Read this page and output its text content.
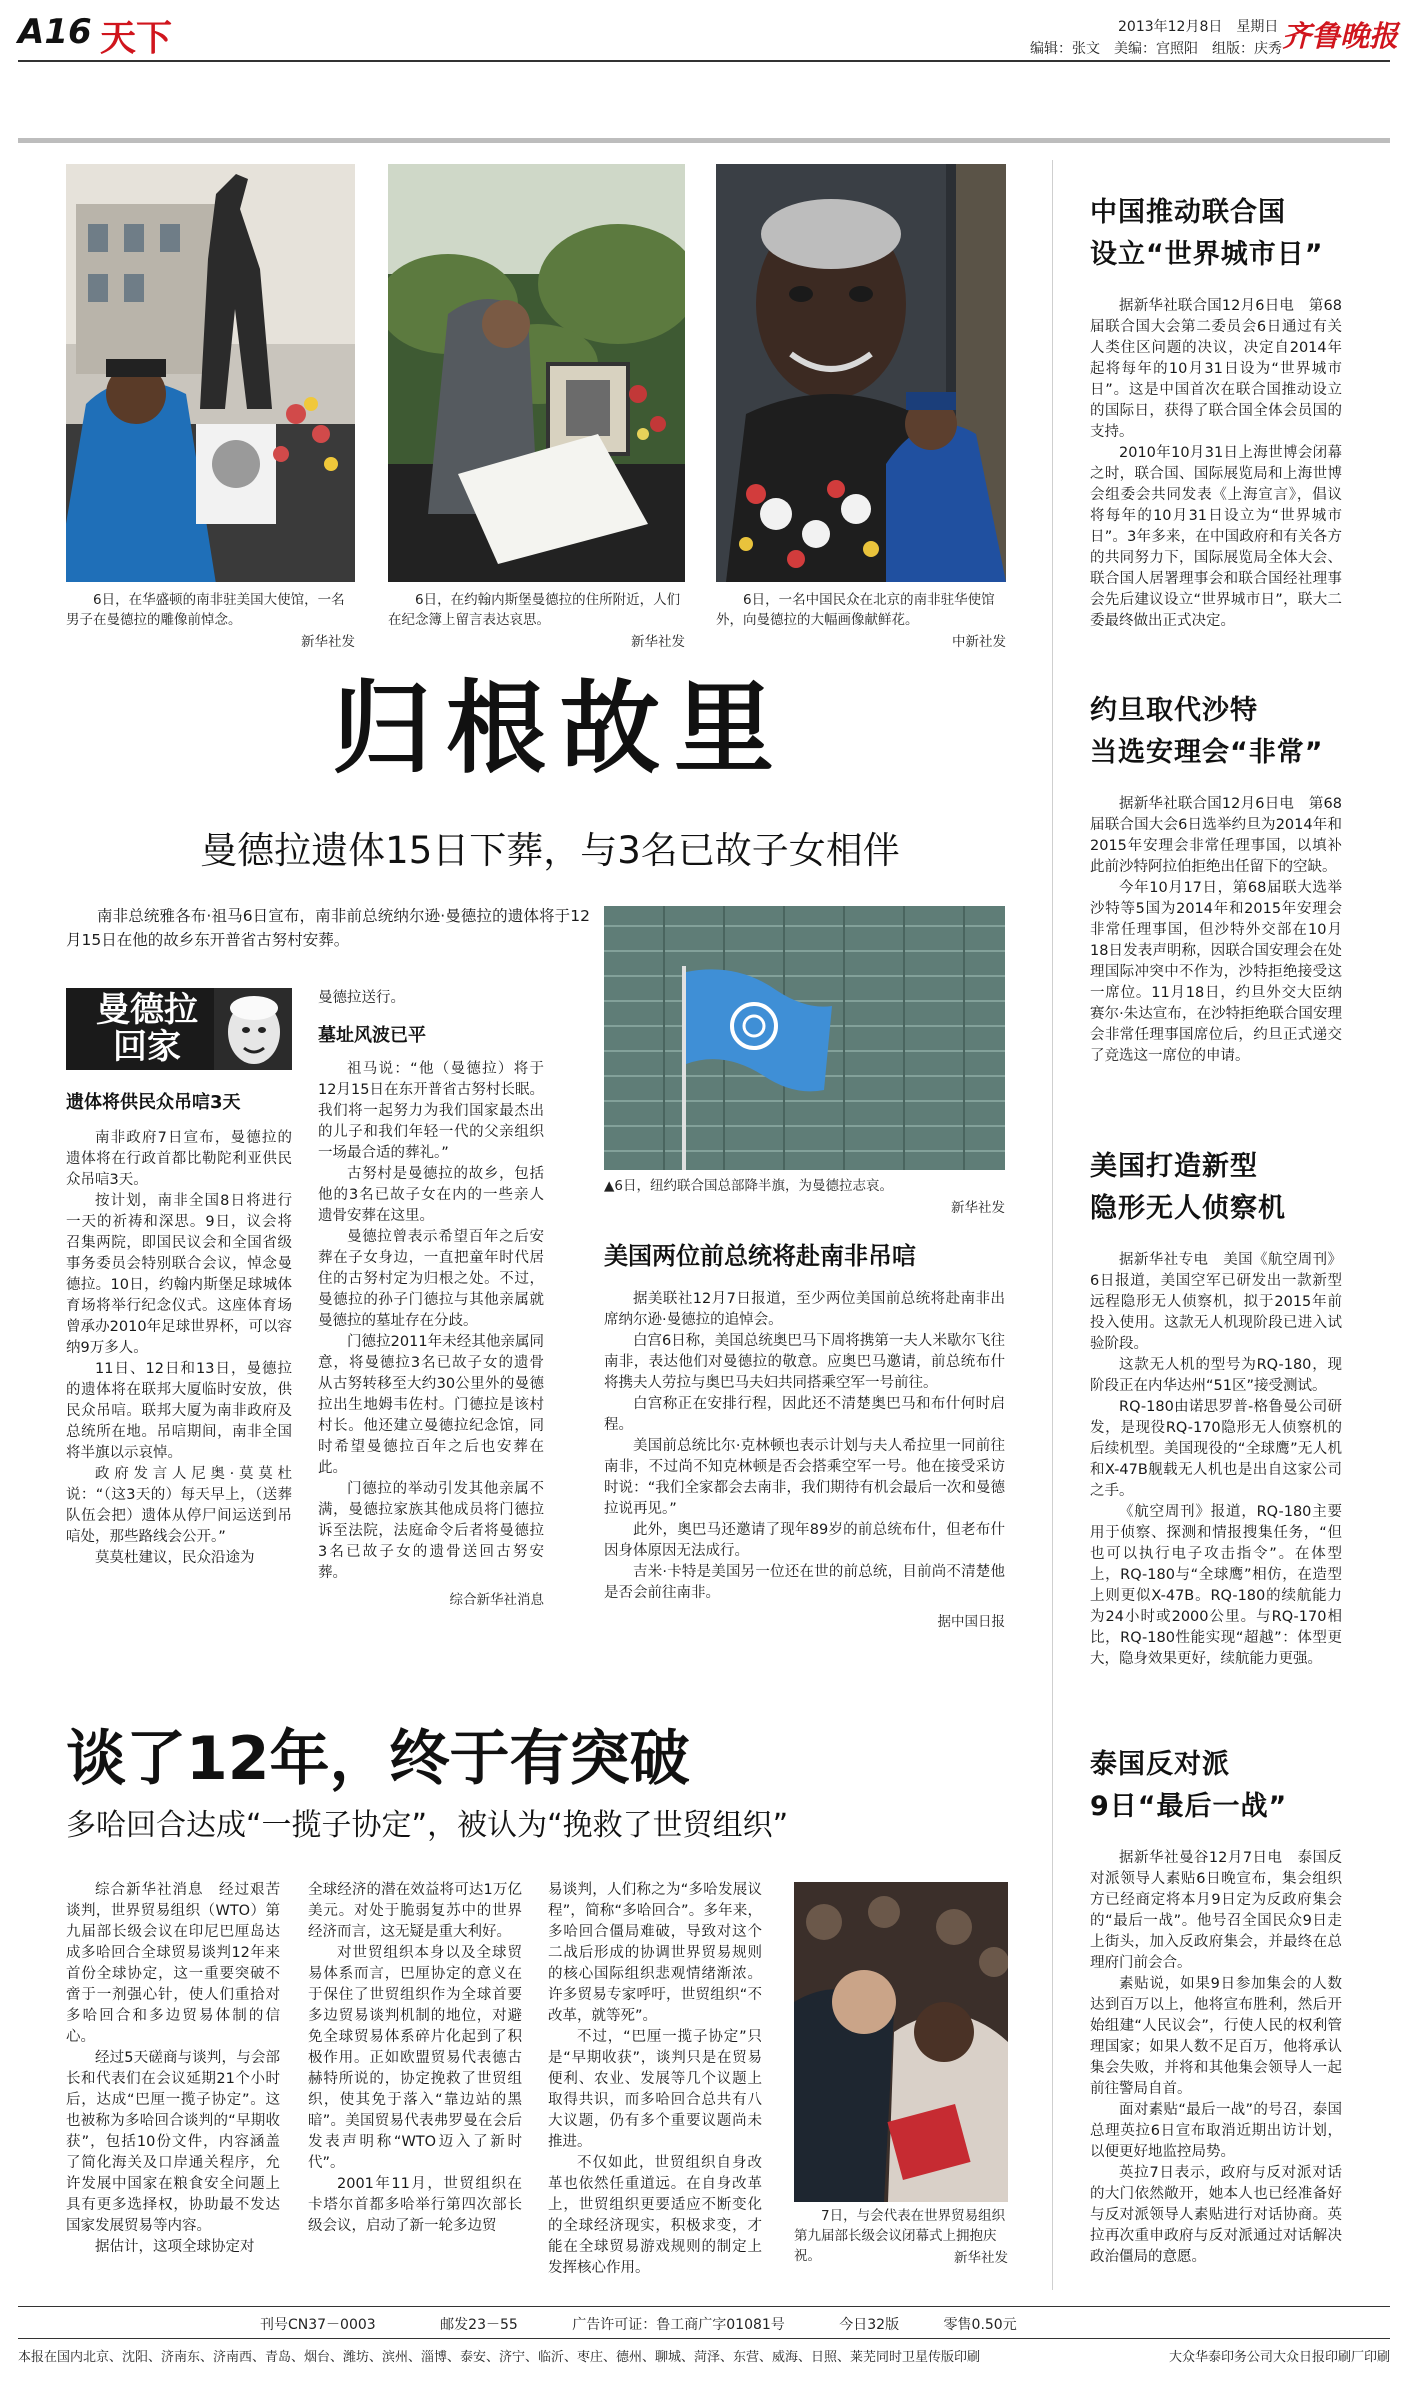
A16 天下	2013年12月8日　星期日
编辑：张文　美编：宫照阳　组版：庆秀 齐鲁晚报
6日，在华盛顿的南非驻美国大使馆，一名男子在曼德拉的雕像前悼念。
新华社发
6日，在约翰内斯堡曼德拉的住所附近，人们在纪念簿上留言表达哀思。
新华社发
6日，一名中国民众在北京的南非驻华使馆外，向曼德拉的大幅画像献鲜花。
中新社发
归根故里
曼德拉遗体15日下葬，与3名已故子女相伴

南非总统雅各布·祖马6日宣布，南非前总统纳尔逊·曼德拉的遗体将于12月15日在他的故乡东开普省古努村安葬。

曼德拉回家
遗体将供民众吊唁3天

南非政府7日宣布，曼德拉的遗体将在行政首都比勒陀利亚供民众吊唁3天。

按计划，南非全国8日将进行一天的祈祷和深思。9日，议会将召集两院，即国民议会和全国省级事务委员会特别联合会议，悼念曼德拉。10日，约翰内斯堡足球城体育场将举行纪念仪式。这座体育场曾承办2010年足球世界杯，可以容纳9万多人。

11日、12日和13日，曼德拉的遗体将在联邦大厦临时安放，供民众吊唁。联邦大厦为南非政府及总统所在地。吊唁期间，南非全国将半旗以示哀悼。

政府发言人尼奥·莫莫杜说：“（这3天的）每天早上，（送葬队伍会把）遗体从停尸间运送到吊唁处，那些路线会公开。”

莫莫杜建议，民众沿途为

曼德拉送行。

墓址风波已平

祖马说：“他（曼德拉）将于12月15日在东开普省古努村长眠。我们将一起努力为我们国家最杰出的儿子和我们年轻一代的父亲组织一场最合适的葬礼。”

古努村是曼德拉的故乡，包括他的3名已故子女在内的一些亲人遗骨安葬在这里。

曼德拉曾表示希望百年之后安葬在子女身边，一直把童年时代居住的古努村定为归根之处。不过，曼德拉的孙子门德拉与其他亲属就曼德拉的墓址存在分歧。

门德拉2011年未经其他亲属同意，将曼德拉3名已故子女的遗骨从古努转移至大约30公里外的曼德拉出生地姆韦佐村。门德拉是该村村长。他还建立曼德拉纪念馆，同时希望曼德拉百年之后也安葬在此。

门德拉的举动引发其他亲属不满，曼德拉家族其他成员将门德拉诉至法院，法庭命令后者将曼德拉3名已故子女的遗骨送回古努安葬。

综合新华社消息
▲6日，纽约联合国总部降半旗，为曼德拉志哀。
新华社发
美国两位前总统将赴南非吊唁

据美联社12月7日报道，至少两位美国前总统将赴南非出席纳尔逊·曼德拉的追悼会。

白宫6日称，美国总统奥巴马下周将携第一夫人米歇尔飞往南非，表达他们对曼德拉的敬意。应奥巴马邀请，前总统布什将携夫人劳拉与奥巴马夫妇共同搭乘空军一号前往。

白宫称正在安排行程，因此还不清楚奥巴马和布什何时启程。

美国前总统比尔·克林顿也表示计划与夫人希拉里一同前往南非，不过尚不知克林顿是否会搭乘空军一号。他在接受采访时说：“我们全家都会去南非，我们期待有机会最后一次和曼德拉说再见。”

此外，奥巴马还邀请了现年89岁的前总统布什，但老布什因身体原因无法成行。

吉米·卡特是美国另一位还在世的前总统，目前尚不清楚他是否会前往南非。

据中国日报
谈了12年，终于有突破
多哈回合达成“一揽子协定”，被认为“挽救了世贸组织”

综合新华社消息　经过艰苦谈判，世界贸易组织（WTO）第九届部长级会议在印尼巴厘岛达成多哈回合全球贸易谈判12年来首份全球协定，这一重要突破不啻于一剂强心针，使人们重拾对多哈回合和多边贸易体制的信心。

经过5天磋商与谈判，与会部长和代表们在会议延期21个小时后，达成“巴厘一揽子协定”。这也被称为多哈回合谈判的“早期收获”，包括10份文件，内容涵盖了简化海关及口岸通关程序，允许发展中国家在粮食安全问题上具有更多选择权，协助最不发达国家发展贸易等内容。

据估计，这项全球协定对

全球经济的潜在效益将可达1万亿美元。对处于脆弱复苏中的世界经济而言，这无疑是重大利好。

对世贸组织本身以及全球贸易体系而言，巴厘协定的意义在于保住了世贸组织作为全球首要多边贸易谈判机制的地位，对避免全球贸易体系碎片化起到了积极作用。正如欧盟贸易代表德古赫特所说的，协定挽救了世贸组织，使其免于落入“靠边站的黑暗”。美国贸易代表弗罗曼在会后发表声明称“WTO迈入了新时代”。

2001年11月，世贸组织在卡塔尔首都多哈举行第四次部长级会议，启动了新一轮多边贸

易谈判，人们称之为“多哈发展议程”，简称“多哈回合”。多年来，多哈回合僵局难破，导致对这个二战后形成的协调世界贸易规则的核心国际组织悲观情绪渐浓。许多贸易专家呼吁，世贸组织“不改革，就等死”。

不过，“巴厘一揽子协定”只是“早期收获”，谈判只是在贸易便利、农业、发展等几个议题上取得共识，而多哈回合总共有八大议题，仍有多个重要议题尚未推进。

不仅如此，世贸组织自身改革也依然任重道远。在自身改革上，世贸组织更要适应不断变化的全球经济现实，积极求变，才能在全球贸易游戏规则的制定上发挥核心作用。

7日，与会代表在世界贸易组织第九届部长级会议闭幕式上拥抱庆祝。	新华社发
中国推动联合国
设立“世界城市日”

据新华社联合国12月6日电　第68届联合国大会第二委员会6日通过有关人类住区问题的决议，决定自2014年起将每年的10月31日设为“世界城市日”。这是中国首次在联合国推动设立的国际日，获得了联合国全体会员国的支持。

2010年10月31日上海世博会闭幕之时，联合国、国际展览局和上海世博会组委会共同发表《上海宣言》，倡议将每年的10月31日设立为“世界城市日”。3年多来，在中国政府和有关各方的共同努力下，国际展览局全体大会、联合国人居署理事会和联合国经社理事会先后建议设立“世界城市日”，联大二委最终做出正式决定。

约旦取代沙特
当选安理会“非常”

据新华社联合国12月6日电　第68届联合国大会6日选举约旦为2014年和2015年安理会非常任理事国，以填补此前沙特阿拉伯拒绝出任留下的空缺。

今年10月17日，第68届联大选举沙特等5国为2014年和2015年安理会非常任理事国，但沙特外交部在10月18日发表声明称，因联合国安理会在处理国际冲突中不作为，沙特拒绝接受这一席位。11月18日，约旦外交大臣纳赛尔·朱达宣布，在沙特拒绝联合国安理会非常任理事国席位后，约旦正式递交了竞选这一席位的申请。

美国打造新型
隐形无人侦察机

据新华社专电　美国《航空周刊》6日报道，美国空军已研发出一款新型远程隐形无人侦察机，拟于2015年前投入使用。这款无人机现阶段已进入试验阶段。

这款无人机的型号为RQ-180，现阶段正在内华达州“51区”接受测试。

RQ-180由诺思罗普-格鲁曼公司研发，是现役RQ-170隐形无人侦察机的后续机型。美国现役的“全球鹰”无人机和X-47B舰载无人机也是出自这家公司之手。

《航空周刊》报道，RQ-180主要用于侦察、探测和情报搜集任务，“但也可以执行电子攻击指令”。在体型上，RQ-180与“全球鹰”相仿，在造型上则更似X-47B。RQ-180的续航能力为24小时或2000公里。与RQ-170相比，RQ-180性能实现“超越”：体型更大，隐身效果更好，续航能力更强。

泰国反对派
9日“最后一战”

据新华社曼谷12月7日电　泰国反对派领导人素贴6日晚宣布，集会组织方已经商定将本月9日定为反政府集会的“最后一战”。他号召全国民众9日走上街头，加入反政府集会，并最终在总理府门前会合。

素贴说，如果9日参加集会的人数达到百万以上，他将宣布胜利，然后开始组建“人民议会”，行使人民的权利管理国家；如果人数不足百万，他将承认集会失败，并将和其他集会领导人一起前往警局自首。

面对素贴“最后一战”的号召，泰国总理英拉6日宣布取消近期出访计划，以便更好地监控局势。

英拉7日表示，政府与反对派对话的大门依然敞开，她本人也已经准备好与反对派领导人素贴进行对话协商。英拉再次重申政府与反对派通过对话解决政治僵局的意愿。

刊号CN37－0003	邮发23－55	广告许可证：鲁工商广字01081号	今日32版	零售0.50元
本报在国内北京、沈阳、济南东、济南西、青岛、烟台、潍坊、滨州、淄博、泰安、济宁、临沂、枣庄、德州、聊城、菏泽、东营、威海、日照、莱芜同时卫星传版印刷	大众华泰印务公司大众日报印刷厂印刷
